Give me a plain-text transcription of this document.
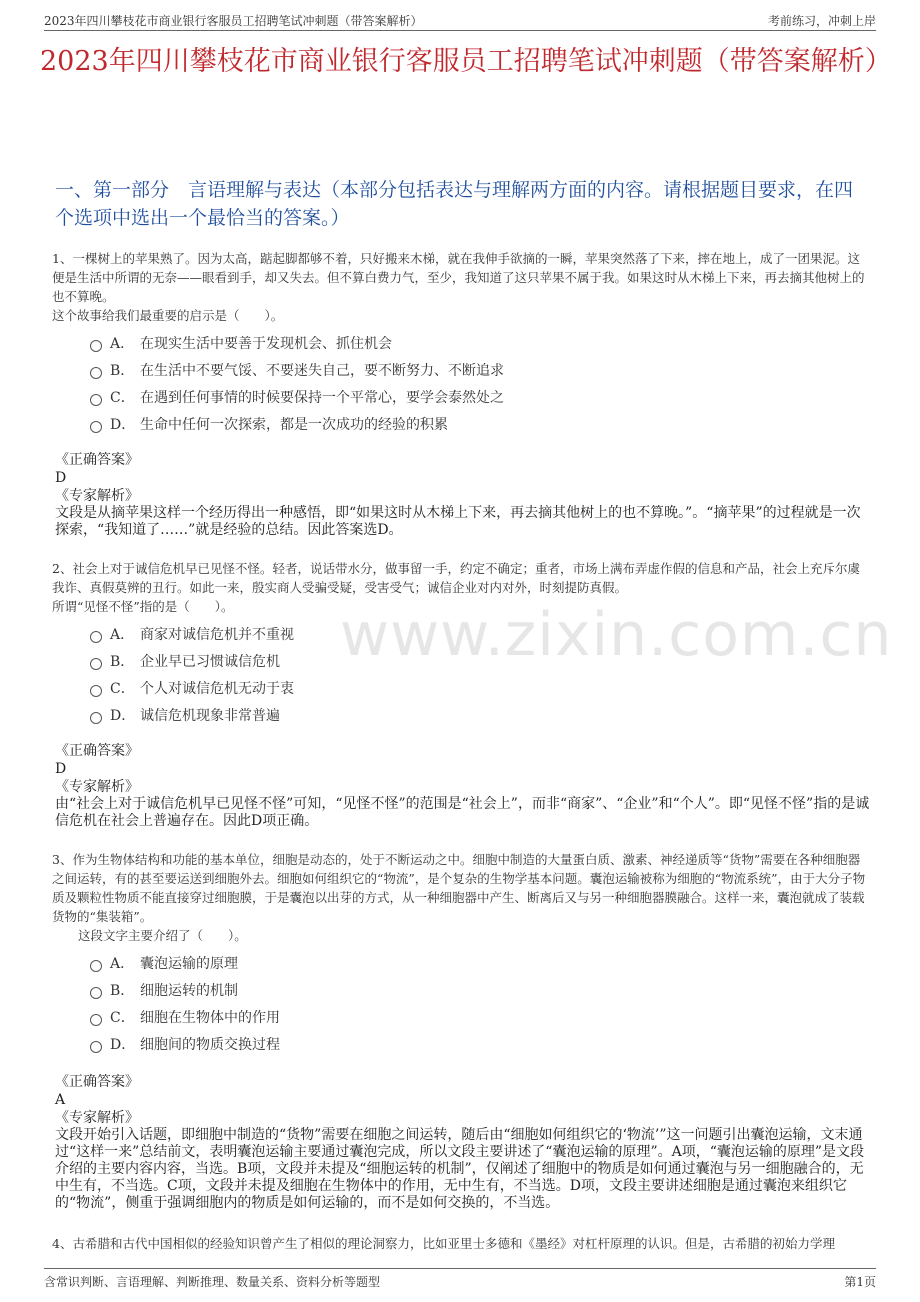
2023年四川攀枝花市商业银行客服员工招聘笔试冲刺题（带答案解析）	考前练习，冲刺上岸
2023年四川攀枝花市商业银行客服员工招聘笔试冲刺题（带答案解析）
一、第一部分　言语理解与表达（本部分包括表达与理解两方面的内容。请根据题目要求，在四个选项中选出一个最恰当的答案。）
www.zixin.com.cn

1、一棵树上的苹果熟了。因为太高，踮起脚都够不着，只好搬来木梯，就在我伸手欲摘的一瞬，苹果突然落了下来，摔在地上，成了一团果泥。这便是生活中所谓的无奈——眼看到手，却又失去。但不算白费力气，至少，我知道了这只苹果不属于我。如果这时从木梯上下来，再去摘其他树上的也不算晚。

这个故事给我们最重要的启示是（　　）。

A． 在现实生活中要善于发现机会、抓住机会
B． 在生活中不要气馁、不要迷失自己，要不断努力、不断追求
C． 在遇到任何事情的时候要保持一个平常心，要学会泰然处之
D． 生命中任何一次探索，都是一次成功的经验的积累

《正确答案》

D

《专家解析》

文段是从摘苹果这样一个经历得出一种感悟，即“如果这时从木梯上下来，再去摘其他树上的也不算晚。”。“摘苹果”的过程就是一次探索，“我知道了……”就是经验的总结。因此答案选D。

2、社会上对于诚信危机早已见怪不怪。轻者，说话带水分，做事留一手，约定不确定；重者，市场上满布弄虚作假的信息和产品，社会上充斥尔虞我诈、真假莫辨的丑行。如此一来，殷实商人受骗受疑，受害受气；诚信企业对内对外，时刻提防真假。

所谓“见怪不怪”指的是（　　）。

A． 商家对诚信危机并不重视
B． 企业早已习惯诚信危机
C． 个人对诚信危机无动于衷
D． 诚信危机现象非常普遍

《正确答案》

D

《专家解析》

由“社会上对于诚信危机早已见怪不怪”可知，“见怪不怪”的范围是“社会上”，而非“商家”、“企业”和“个人”。即“见怪不怪”指的是诚信危机在社会上普遍存在。因此D项正确。

3、作为生物体结构和功能的基本单位，细胞是动态的，处于不断运动之中。细胞中制造的大量蛋白质、激素、神经递质等“货物”需要在各种细胞器之间运转，有的甚至要运送到细胞外去。细胞如何组织它的“物流”，是个复杂的生物学基本问题。囊泡运输被称为细胞的“物流系统”，由于大分子物质及颗粒性物质不能直接穿过细胞膜，于是囊泡以出芽的方式，从一种细胞器中产生、断离后又与另一种细胞器膜融合。这样一来，囊泡就成了装载货物的“集装箱”。

这段文字主要介绍了（　　）。

A． 囊泡运输的原理
B． 细胞运转的机制
C． 细胞在生物体中的作用
D． 细胞间的物质交换过程

《正确答案》

A

《专家解析》

文段开始引入话题，即细胞中制造的“货物”需要在细胞之间运转，随后由“细胞如何组织它的‘物流’”这一问题引出囊泡运输，文末通过“这样一来”总结前文，表明囊泡运输主要通过囊泡完成，所以文段主要讲述了“囊泡运输的原理”。A项，“囊泡运输的原理”是文段介绍的主要内容内容，当选。B项，文段并未提及“细胞运转的机制”，仅阐述了细胞中的物质是如何通过囊泡与另一细胞融合的，无中生有，不当选。C项，文段并未提及细胞在生物体中的作用，无中生有，不当选。D项，文段主要讲述细胞是通过囊泡来组织它的“物流”，侧重于强调细胞内的物质是如何运输的，而不是如何交换的，不当选。

4、古希腊和古代中国相似的经验知识曾产生了相似的理论洞察力，比如亚里士多德和《墨经》对杠杆原理的认识。但是，古希腊的初始力学理

含常识判断、言语理解、判断推理、数量关系、资料分析等题型	第1页
